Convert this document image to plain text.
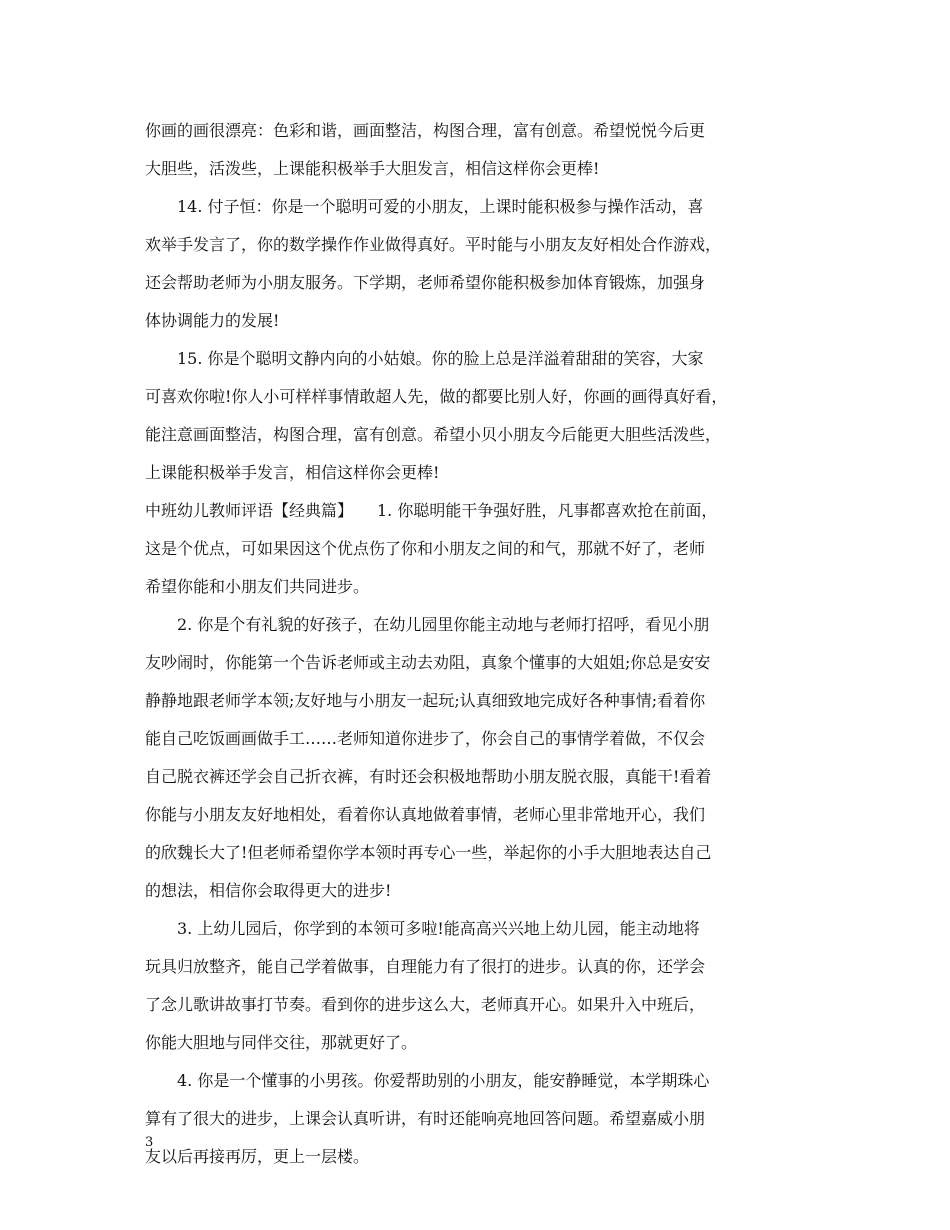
你画的画很漂亮：色彩和谐，画面整洁，构图合理，富有创意。希望悦悦今后更
大胆些，活泼些，上课能积极举手大胆发言，相信这样你会更棒!
14. 付子恒：你是一个聪明可爱的小朋友，上课时能积极参与操作活动，喜
欢举手发言了，你的数学操作作业做得真好。平时能与小朋友友好相处合作游戏，
还会帮助老师为小朋友服务。下学期，老师希望你能积极参加体育锻炼，加强身
体协调能力的发展!
15. 你是个聪明文静内向的小姑娘。你的脸上总是洋溢着甜甜的笑容，大家
可喜欢你啦!你人小可样样事情敢超人先，做的都要比别人好，你画的画得真好看，
能注意画面整洁，构图合理，富有创意。希望小贝小朋友今后能更大胆些活泼些，
上课能积极举手发言，相信这样你会更棒!
中班幼儿教师评语【经典篇】　　1. 你聪明能干争强好胜，凡事都喜欢抢在前面，
这是个优点，可如果因这个优点伤了你和小朋友之间的和气，那就不好了，老师
希望你能和小朋友们共同进步。
2. 你是个有礼貌的好孩子，在幼儿园里你能主动地与老师打招呼，看见小朋
友吵闹时，你能第一个告诉老师或主动去劝阻，真象个懂事的大姐姐;你总是安安
静静地跟老师学本领;友好地与小朋友一起玩;认真细致地完成好各种事情;看着你
能自己吃饭画画做手工……老师知道你进步了，你会自己的事情学着做，不仅会
自己脱衣裤还学会自己折衣裤，有时还会积极地帮助小朋友脱衣服，真能干!看着
你能与小朋友友好地相处，看着你认真地做着事情，老师心里非常地开心，我们
的欣魏长大了!但老师希望你学本领时再专心一些，举起你的小手大胆地表达自己
的想法，相信你会取得更大的进步!
3. 上幼儿园后，你学到的本领可多啦!能高高兴兴地上幼儿园，能主动地将
玩具归放整齐，能自己学着做事，自理能力有了很打的进步。认真的你，还学会
了念儿歌讲故事打节奏。看到你的进步这么大，老师真开心。如果升入中班后，
你能大胆地与同伴交往，那就更好了。
4. 你是一个懂事的小男孩。你爱帮助别的小朋友，能安静睡觉，本学期珠心
算有了很大的进步，上课会认真听讲，有时还能响亮地回答问题。希望嘉威小朋
友以后再接再厉，更上一层楼。
3
